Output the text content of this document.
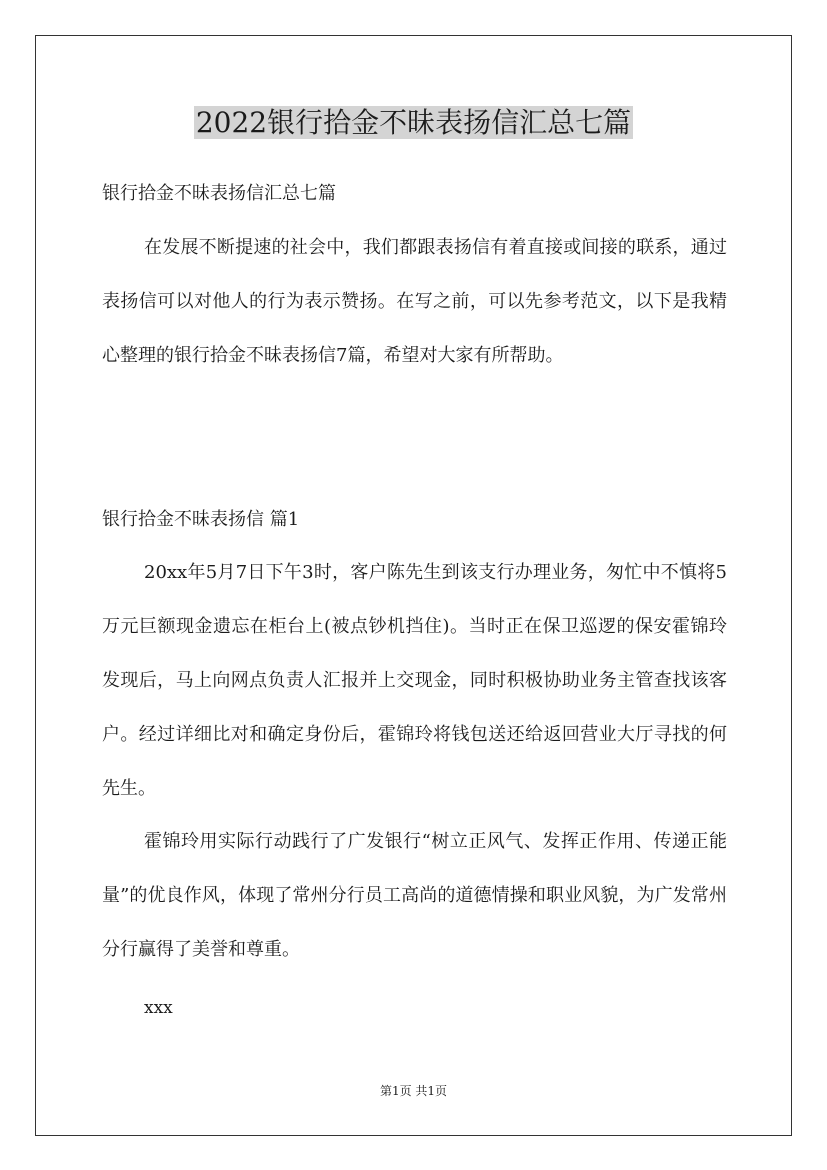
2022银行拾金不昧表扬信汇总七篇

银行拾金不昧表扬信汇总七篇

在发展不断提速的社会中，我们都跟表扬信有着直接或间接的联系，通过表扬信可以对他人的行为表示赞扬。在写之前，可以先参考范文，以下是我精心整理的银行拾金不昧表扬信7篇，希望对大家有所帮助。

银行拾金不昧表扬信 篇1

20xx年5月7日下午3时，客户陈先生到该支行办理业务，匆忙中不慎将5万元巨额现金遗忘在柜台上(被点钞机挡住)。当时正在保卫巡逻的保安霍锦玲发现后，马上向网点负责人汇报并上交现金，同时积极协助业务主管查找该客户。经过详细比对和确定身份后，霍锦玲将钱包送还给返回营业大厅寻找的何先生。

霍锦玲用实际行动践行了广发银行“树立正风气、发挥正作用、传递正能量”的优良作风，体现了常州分行员工高尚的道德情操和职业风貌，为广发常州分行赢得了美誉和尊重。

xxx

第1页 共1页
